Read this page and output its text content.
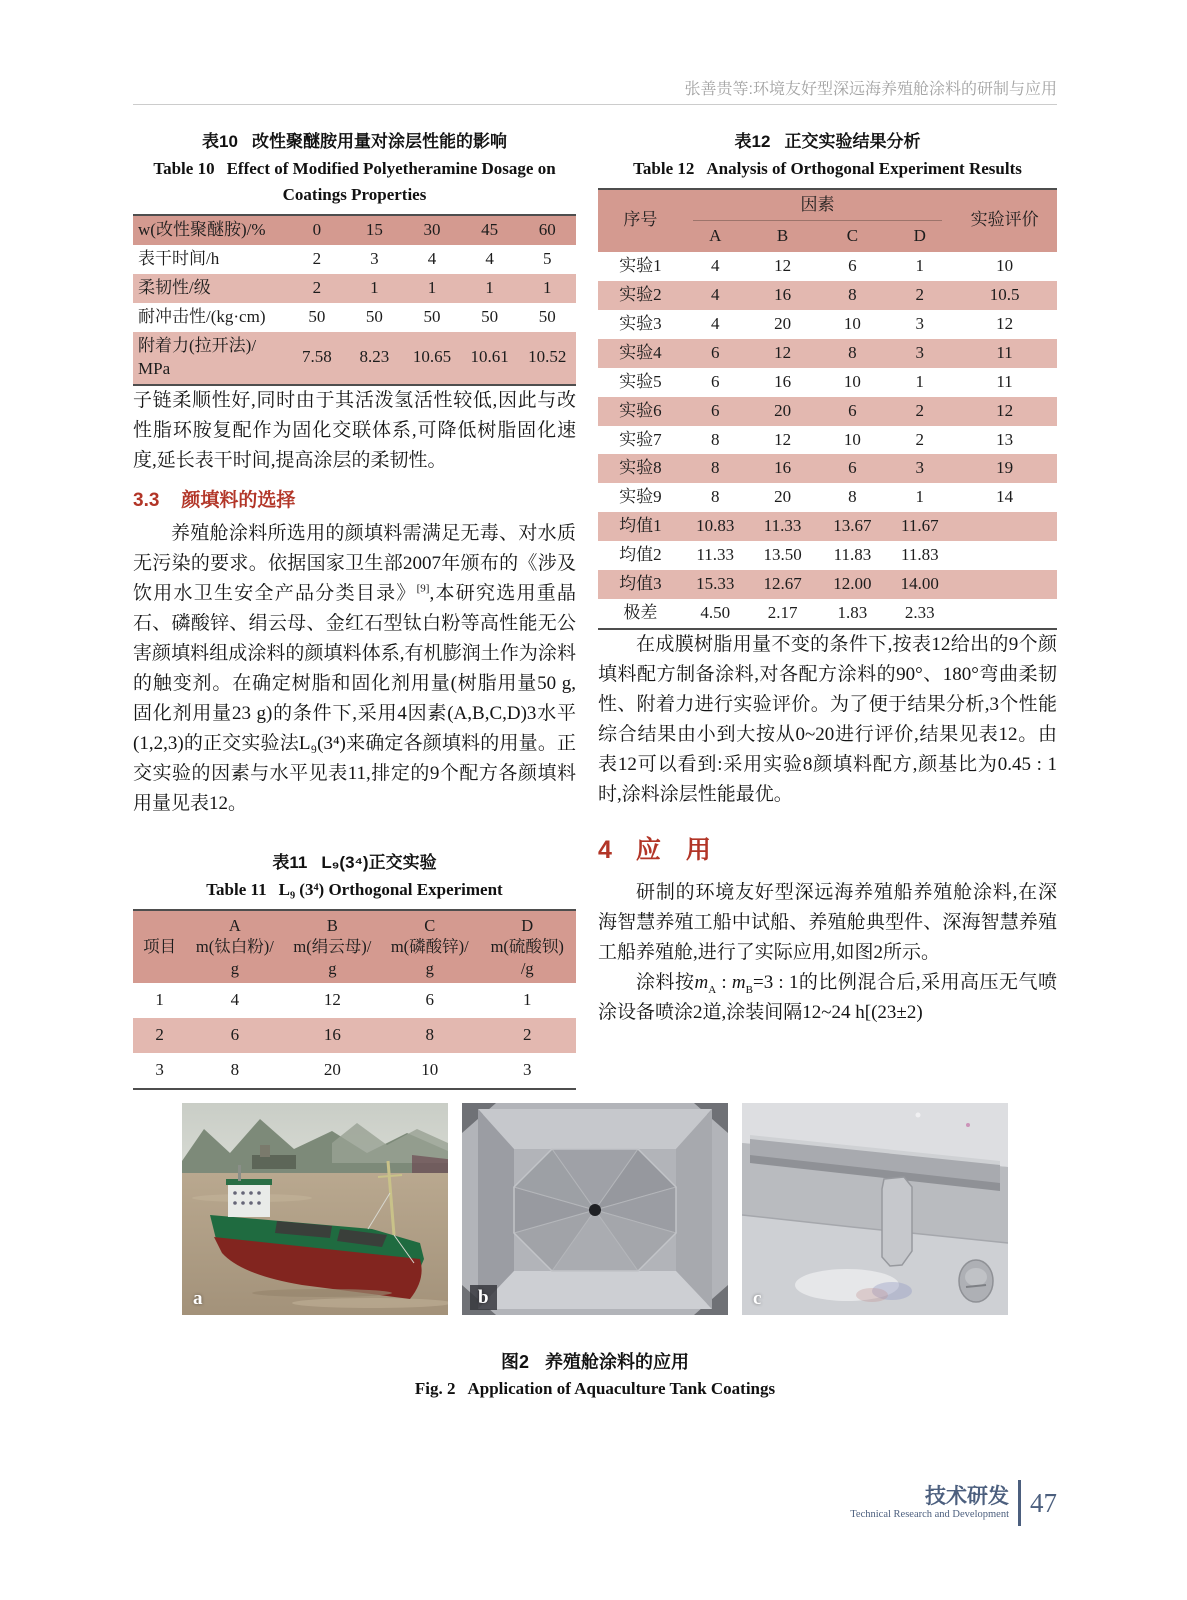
张善贵等:环境友好型深远海养殖舱涂料的研制与应用
表10 改性聚醚胺用量对涂层性能的影响
Table 10 Effect of Modified Polyetheramine Dosage on Coatings Properties
w(改性聚醚胺)/%	0	15	30	45	60
表干时间/h	2	3	4	4	5
柔韧性/级	2	1	1	1	1
耐冲击性/(kg·cm)	50	50	50	50	50
附着力(拉开法)/ MPa	7.58	8.23	10.65	10.61	10.52

子链柔顺性好,同时由于其活泼氢活性较低,因此与改性脂环胺复配作为固化交联体系,可降低树脂固化速度,延长表干时间,提高涂层的柔韧性。

3.3 颜填料的选择

养殖舱涂料所选用的颜填料需满足无毒、对水质无污染的要求。依据国家卫生部2007年颁布的《涉及饮用水卫生安全产品分类目录》[9],本研究选用重晶石、磷酸锌、绢云母、金红石型钛白粉等高性能无公害颜填料组成涂料的颜填料体系,有机膨润土作为涂料的触变剂。在确定树脂和固化剂用量(树脂用量50 g,固化剂用量23 g)的条件下,采用4因素(A,B,C,D)3水平(1,2,3)的正交实验法L₉(3⁴)来确定各颜填料的用量。正交实验的因素与水平见表11,排定的9个配方各颜填料用量见表12。

表11 L₉(3⁴)正交实验
Table 11 L₉ (3⁴) Orthogonal Experiment
项目	
A
m(钛白粉)/
g

B
m(绢云母)/
g

C
m(磷酸锌)/
g

D
m(硫酸钡)
/g

1	4	12	6	1
2	6	16	8	2
3	8	20	10	3
表12 正交实验结果分析
Table 12 Analysis of Orthogonal Experiment Results
序号	因素				实验评价
	A	B	C	D	
实验1	4	12	6	1	10
实验2	4	16	8	2	10.5
实验3	4	20	10	3	12
实验4	6	12	8	3	11
实验5	6	16	10	1	11
实验6	6	20	6	2	12
实验7	8	12	10	2	13
实验8	8	16	6	3	19
实验9	8	20	8	1	14
均值1	10.83	11.33	13.67	11.67	
均值2	11.33	13.50	11.83	11.83	
均值3	15.33	12.67	12.00	14.00	
极差	4.50	2.17	1.83	2.33	

在成膜树脂用量不变的条件下,按表12给出的9个颜填料配方制备涂料,对各配方涂料的90°、180°弯曲柔韧性、附着力进行实验评价。为了便于结果分析,3个性能综合结果由小到大按从0~20进行评价,结果见表12。由表12可以看到:采用实验8颜填料配方,颜基比为0.45 : 1时,涂料涂层性能最优。

4 应　用

研制的环境友好型深远海养殖船养殖舱涂料,在深海智慧养殖工船中试船、养殖舱典型件、深海智慧养殖工船养殖舱,进行了实际应用,如图2所示。

涂料按$m_A$ : $m_B=3$ : 1的比例混合后,采用高压无气喷涂设备喷涂2道,涂装间隔12~24 h[(23±2)

a	b	c
图2 养殖舱涂料的应用
Fig. 2 Application of Aquaculture Tank Coatings
技术研发
Technical Research and Development 47
